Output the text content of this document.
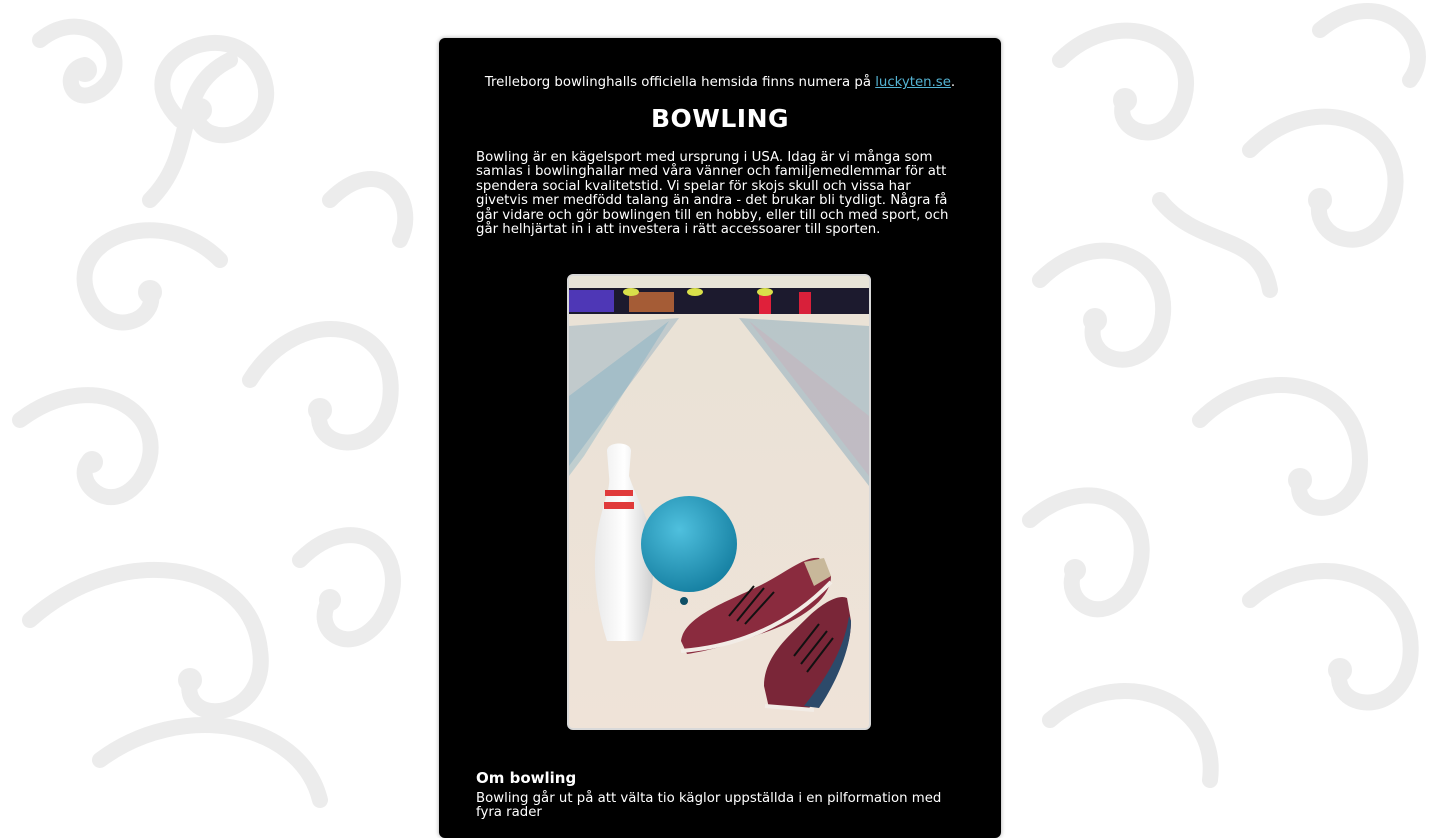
Trelleborg bowlinghalls officiella hemsida finns numera på luckyten.se.
BOWLING

Bowling är en kägelsport med ursprung i USA. Idag är vi många som samlas i bowlinghallar med våra vänner och familjemedlemmar för att spendera social kvalitetstid. Vi spelar för skojs skull och vissa har givetvis mer medfödd talang än andra - det brukar bli tydligt. Några få går vidare och gör bowlingen till en hobby, eller till och med sport, och går helhjärtat in i att investera i rätt accessoarer till sporten.

Om bowling

Bowling går ut på att välta tio käglor uppställda i en pilformation med fyra rader
